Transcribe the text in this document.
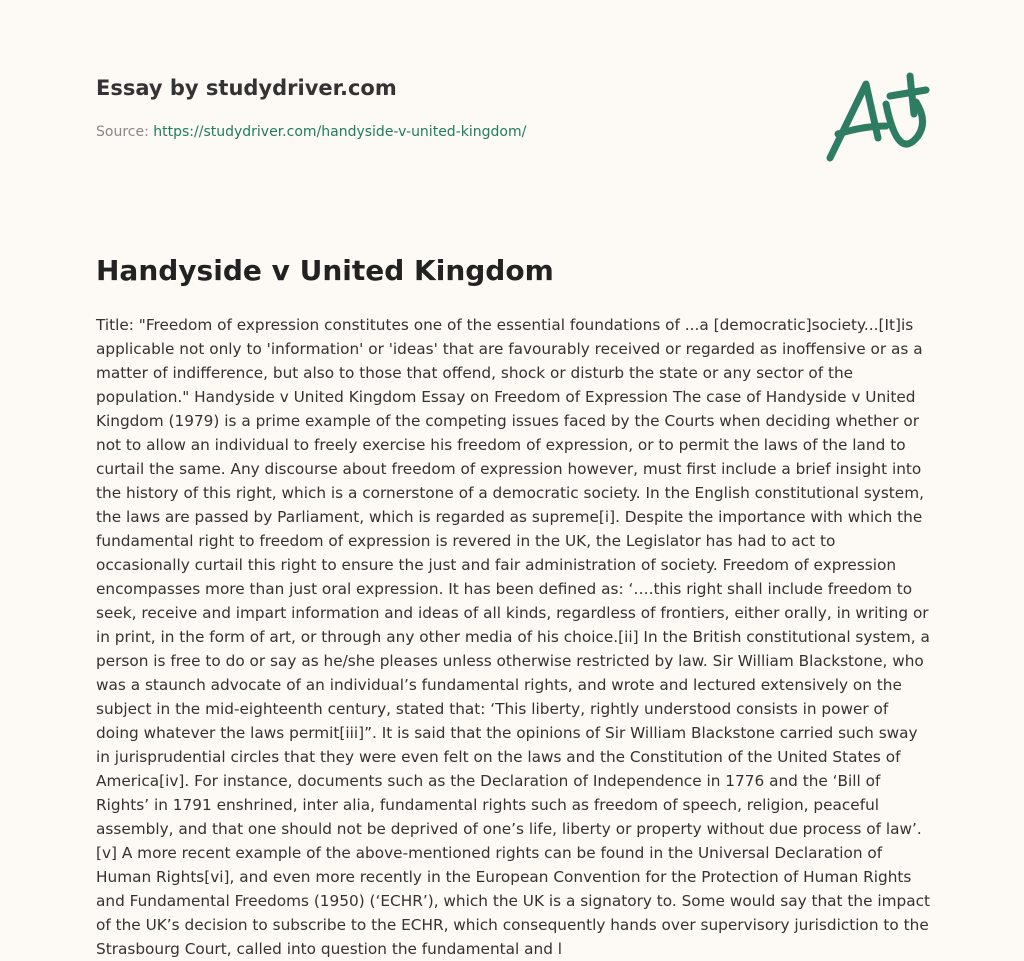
Essay by studydriver.com
Source: https://studydriver.com/handyside-v-united-kingdom/
Handyside v United Kingdom

Title: "Freedom of expression constitutes one of the essential foundations of ...a [democratic]society...[It]is applicable not only to 'information' or 'ideas' that are favourably received or regarded as inoffensive or as a matter of indifference, but also to those that offend, shock or disturb the state or any sector of the population." Handyside v United Kingdom Essay on Freedom of Expression The case of Handyside v United Kingdom (1979) is a prime example of the competing issues faced by the Courts when deciding whether or not to allow an individual to freely exercise his freedom of expression, or to permit the laws of the land to curtail the same. Any discourse about freedom of expression however, must first include a brief insight into the history of this right, which is a cornerstone of a democratic society. In the English constitutional system, the laws are passed by Parliament, which is regarded as supreme[i]. Despite the importance with which the fundamental right to freedom of expression is revered in the UK, the Legislator has had to act to occasionally curtail this right to ensure the just and fair administration of society. Freedom of expression encompasses more than just oral expression. It has been defined as: ‘….this right shall include freedom to seek, receive and impart information and ideas of all kinds, regardless of frontiers, either orally, in writing or in print, in the form of art, or through any other media of his choice.[ii] In the British constitutional system, a person is free to do or say as he/she pleases unless otherwise restricted by law. Sir William Blackstone, who was a staunch advocate of an individual’s fundamental rights, and wrote and lectured extensively on the subject in the mid-eighteenth century, stated that: ‘This liberty, rightly understood consists in power of doing whatever the laws permit[iii]”. It is said that the opinions of Sir William Blackstone carried such sway in jurisprudential circles that they were even felt on the laws and the Constitution of the United States of America[iv]. For instance, documents such as the Declaration of Independence in 1776 and the ‘Bill of Rights’ in 1791 enshrined, inter alia, fundamental rights such as freedom of speech, religion, peaceful assembly, and that one should not be deprived of one’s life, liberty or property without due process of law’.[v] A more recent example of the above-mentioned rights can be found in the Universal Declaration of Human Rights[vi], and even more recently in the European Convention for the Protection of Human Rights and Fundamental Freedoms (1950) (‘ECHR’), which the UK is a signatory to. Some would say that the impact of the UK’s decision to subscribe to the ECHR, which consequently hands over supervisory jurisdiction to the Strasbourg Court, called into question the fundamental and l
